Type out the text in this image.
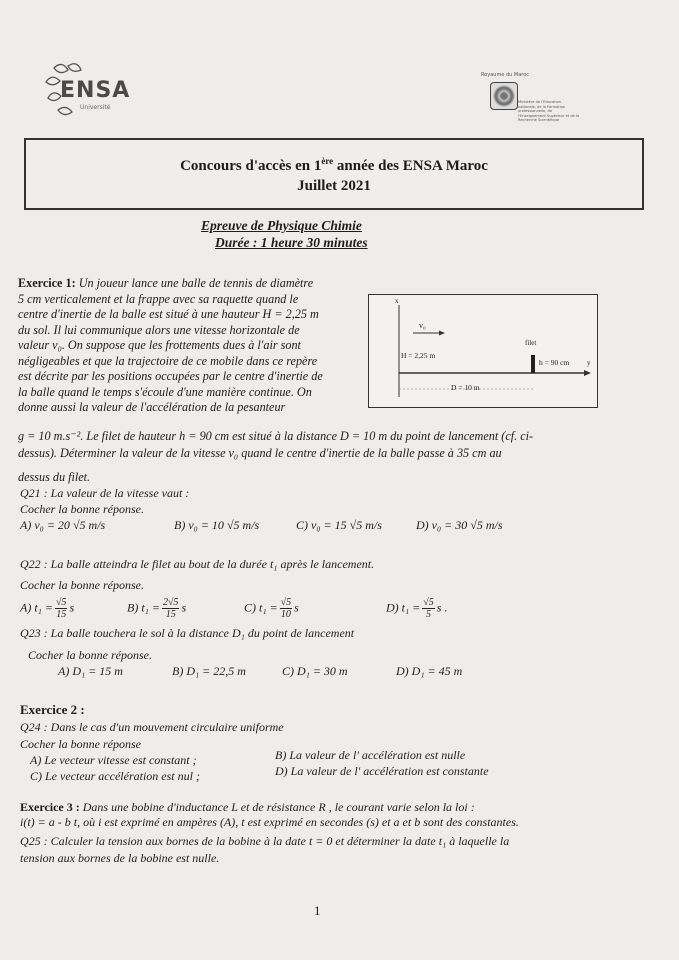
ENSA
Université
Royaume du Maroc
Ministère de l'Education nationale, de la Formation professionnelle, de l'Enseignement Supérieur et de la Recherche Scientifique
Concours d'accès en 1ère année des ENSA Maroc
Juillet 2021
Epreuve de Physique Chimie
Durée : 1 heure 30 minutes
Exercice 1: Un joueur lance une balle de tennis de diamètre
5 cm verticalement et la frappe avec sa raquette quand le
centre d'inertie de la balle est situé à une hauteur H = 2,25 m
du sol. Il lui communique alors une vitesse horizontale de
valeur v₀. On suppose que les frottements dues à l'air sont
négligeables et que la trajectoire de ce mobile dans ce repère
est décrite par les positions occupées par le centre d'inertie de
la balle quand le temps s'écoule d'une manière continue. On
donne aussi la valeur de l'accélération de la pesanteur
x
y
v₀
filet
H = 2,25 m
h = 90 cm
D = 10 m
g = 10 m.s⁻². Le filet de hauteur h = 90 cm est situé à la distance D = 10 m du point de lancement (cf. ci-
dessus). Déterminer la valeur de la vitesse v₀ quand le centre d'inertie de la balle passe à 35 cm au
dessus du filet.
Q21 : La valeur de la vitesse vaut :
Cocher la bonne réponse.
A) v₀ = 20 √5 m/s	B) v₀ = 10 √5 m/s	C) v₀ = 15 √5 m/s	D) v₀ = 30 √5 m/s
Q22 : La balle atteindra le filet au bout de la durée t₁ après le lancement.
Cocher la bonne réponse.
A) $t_1 = \frac{√5}{15}$ s	B) $t_1 = \frac{2√5}{15}$ s	C) $t_1 = \frac{√5}{10}$ s	D) $t_1 = \frac{√5}{5}$ s .
Q23 : La balle touchera le sol à la distance D₁ du point de lancement
Cocher la bonne réponse.
A) D₁ = 15 m	B) D₁ = 22,5 m	C) D₁ = 30 m	D) D₁ = 45 m
Exercice 2 :
Q24 : Dans le cas d'un mouvement circulaire uniforme
Cocher la bonne réponse
A) Le vecteur vitesse est constant ;	B) La valeur de l' accélération est nulle
C) Le vecteur accélération est nul ;	D) La valeur de l' accélération est constante
Exercice 3 : Dans une bobine d'inductance L et de résistance R , le courant varie selon la loi :
i(t) = a - b t, où i est exprimé en ampères (A), t est exprimé en secondes (s) et a et b sont des constantes.
Q25 : Calculer la tension aux bornes de la bobine à la date t = 0 et déterminer la date t₁ à laquelle la
tension aux bornes de la bobine est nulle.
1
